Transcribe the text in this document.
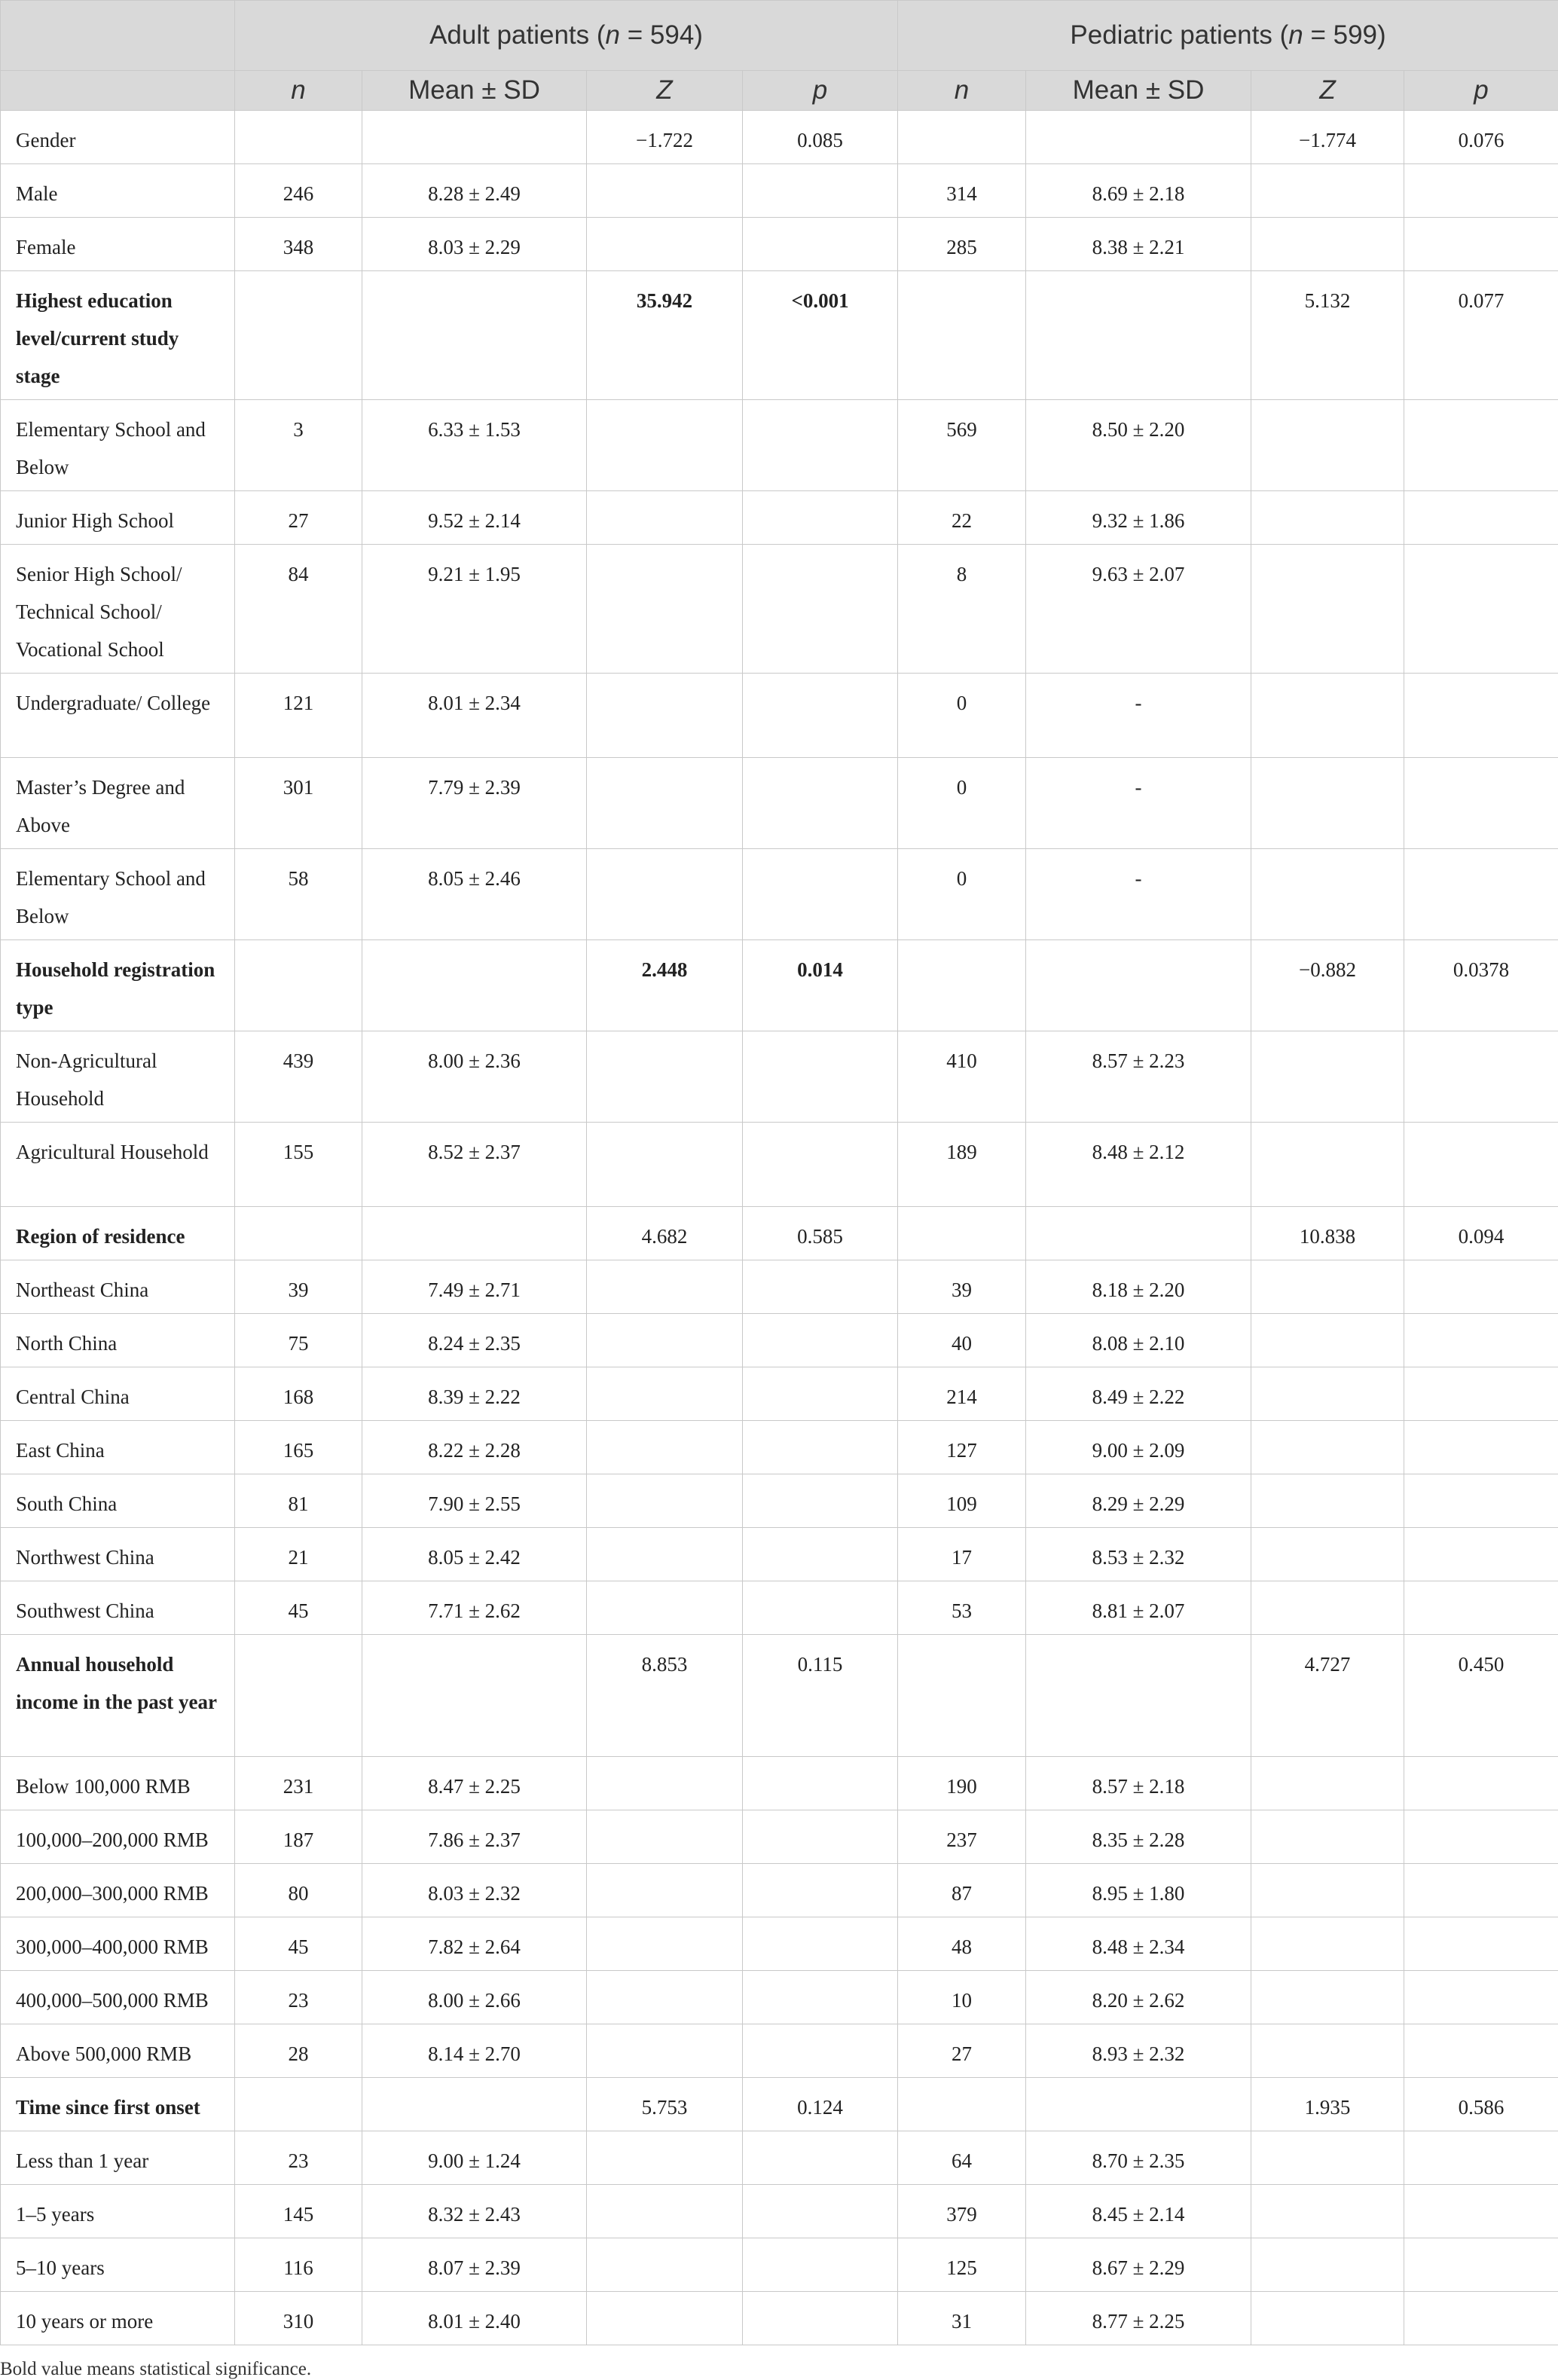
	Adult patients (n = 594)				Pediatric patients (n = 599)			
	n	Mean ± SD	Z	p	n	Mean ± SD	Z	p
Gender			−1.722	0.085			−1.774	0.076
Male	246	8.28 ± 2.49			314	8.69 ± 2.18		
Female	348	8.03 ± 2.29			285	8.38 ± 2.21		
Highest education level/current study stage			35.942	<0.001			5.132	0.077
Elementary School and Below	3	6.33 ± 1.53			569	8.50 ± 2.20		
Junior High School	27	9.52 ± 2.14			22	9.32 ± 1.86		
Senior High School/ Technical School/ Vocational School	84	9.21 ± 1.95			8	9.63 ± 2.07		
Undergraduate/ College	121	8.01 ± 2.34			0	-		
Master’s Degree and Above	301	7.79 ± 2.39			0	-		
Elementary School and Below	58	8.05 ± 2.46			0	-		
Household registration type			2.448	0.014			−0.882	0.0378
Non-Agricultural Household	439	8.00 ± 2.36			410	8.57 ± 2.23		
Agricultural Household	155	8.52 ± 2.37			189	8.48 ± 2.12		
Region of residence			4.682	0.585			10.838	0.094
Northeast China	39	7.49 ± 2.71			39	8.18 ± 2.20		
North China	75	8.24 ± 2.35			40	8.08 ± 2.10		
Central China	168	8.39 ± 2.22			214	8.49 ± 2.22		
East China	165	8.22 ± 2.28			127	9.00 ± 2.09		
South China	81	7.90 ± 2.55			109	8.29 ± 2.29		
Northwest China	21	8.05 ± 2.42			17	8.53 ± 2.32		
Southwest China	45	7.71 ± 2.62			53	8.81 ± 2.07		
Annual household income in the past year			8.853	0.115			4.727	0.450
Below 100,000 RMB	231	8.47 ± 2.25			190	8.57 ± 2.18		
100,000–200,000 RMB	187	7.86 ± 2.37			237	8.35 ± 2.28		
200,000–300,000 RMB	80	8.03 ± 2.32			87	8.95 ± 1.80		
300,000–400,000 RMB	45	7.82 ± 2.64			48	8.48 ± 2.34		
400,000–500,000 RMB	23	8.00 ± 2.66			10	8.20 ± 2.62		
Above 500,000 RMB	28	8.14 ± 2.70			27	8.93 ± 2.32		
Time since first onset			5.753	0.124			1.935	0.586
Less than 1 year	23	9.00 ± 1.24			64	8.70 ± 2.35		
1–5 years	145	8.32 ± 2.43			379	8.45 ± 2.14		
5–10 years	116	8.07 ± 2.39			125	8.67 ± 2.29		
10 years or more	310	8.01 ± 2.40			31	8.77 ± 2.25		
Bold value means statistical significance.
